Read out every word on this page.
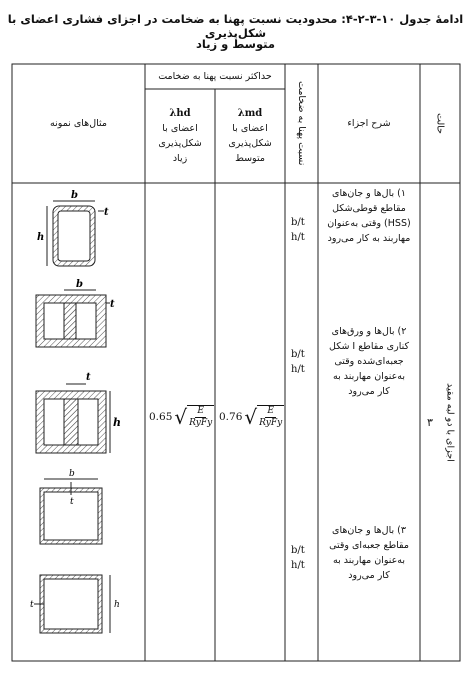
ادامهٔ جدول ۱۰-۳-۲-۴: محدودیت نسبت پهنا به ضخامت در اجزای فشاری اعضای با شکل‌پذیری
متوسط و زیاد
حالت
شرح اجزاء
نسبت پهنا به ضخامت
حداکثر نسبت پهنا به ضخامت
λmd
اعضای با شکل‌پذیری متوسط
λhd
اعضای با شکل‌پذیری زیاد
مثال‌های نمونه
۳	اجزای با دو لبه مقید
۱) بال‌ها و جان‌های مقاطع قوطی‌شکل (HSS) وقتی به‌عنوان مهاربند به کار می‌رود
۲) بال‌ها و ورق‌های کناری مقاطع I شکل جعبه‌ای‌شده وقتی به‌عنوان مهاربند به کار می‌رود
۳) بال‌ها و جان‌های مقاطع جعبه‌ای وقتی به‌عنوان مهاربند به کار می‌رود
b/t
h/t
b/t
h/t
b/t
h/t
0.76 √ $\frac{E}{\text{RyFy}}$
0.65 √ $\frac{E}{\text{RyFy}}$
b
h
t
b
t
t
h
b
t
h
t
